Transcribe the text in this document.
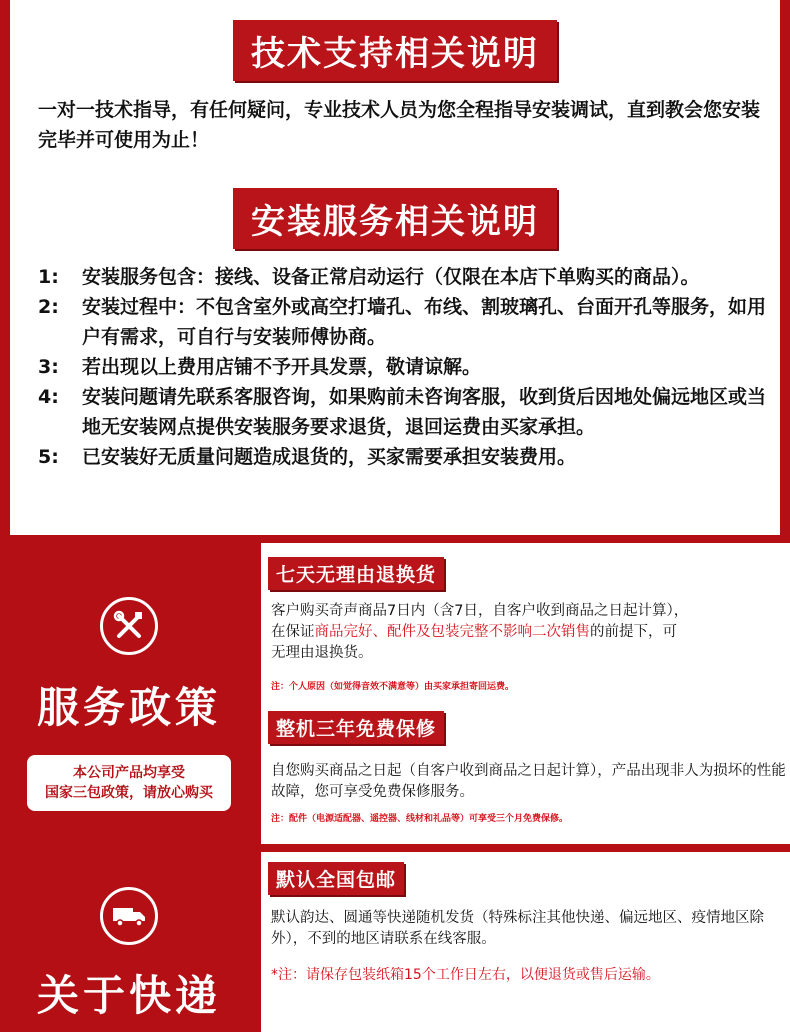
技术支持相关说明
一对一技术指导，有任何疑问，专业技术人员为您全程指导安装调试，直到教会您安装完毕并可使用为止！
安装服务相关说明
1:	安装服务包含：接线、设备正常启动运行（仅限在本店下单购买的商品）。
2:	安装过程中：不包含室外或高空打墙孔、布线、割玻璃孔、台面开孔等服务，如用户有需求，可自行与安装师傅协商。
3:	若出现以上费用店铺不予开具发票，敬请谅解。
4:	安装问题请先联系客服咨询，如果购前未咨询客服，收到货后因地处偏远地区或当地无安装网点提供安装服务要求退货，退回运费由买家承担。
5:	已安装好无质量问题造成退货的，买家需要承担安装费用。
服务政策
本公司产品均享受
国家三包政策，请放心购买
七天无理由退换货
客户购买奇声商品7日内（含7日，自客户收到商品之日起计算），
在保证商品完好、配件及包装完整不影响二次销售的前提下，可
无理由退换货。
注：个人原因（如觉得音效不满意等）由买家承担寄回运费。
整机三年免费保修
自您购买商品之日起（自客户收到商品之日起计算），产品出现非人为损坏的性能故障，您可享受免费保修服务。
注：配件（电源适配器、遥控器、线材和礼品等）可享受三个月免费保修。
关于快递
默认全国包邮
默认韵达、圆通等快递随机发货（特殊标注其他快递、偏远地区、疫情地区除外），不到的地区请联系在线客服。
*注：请保存包装纸箱15个工作日左右，以便退货或售后运输。
